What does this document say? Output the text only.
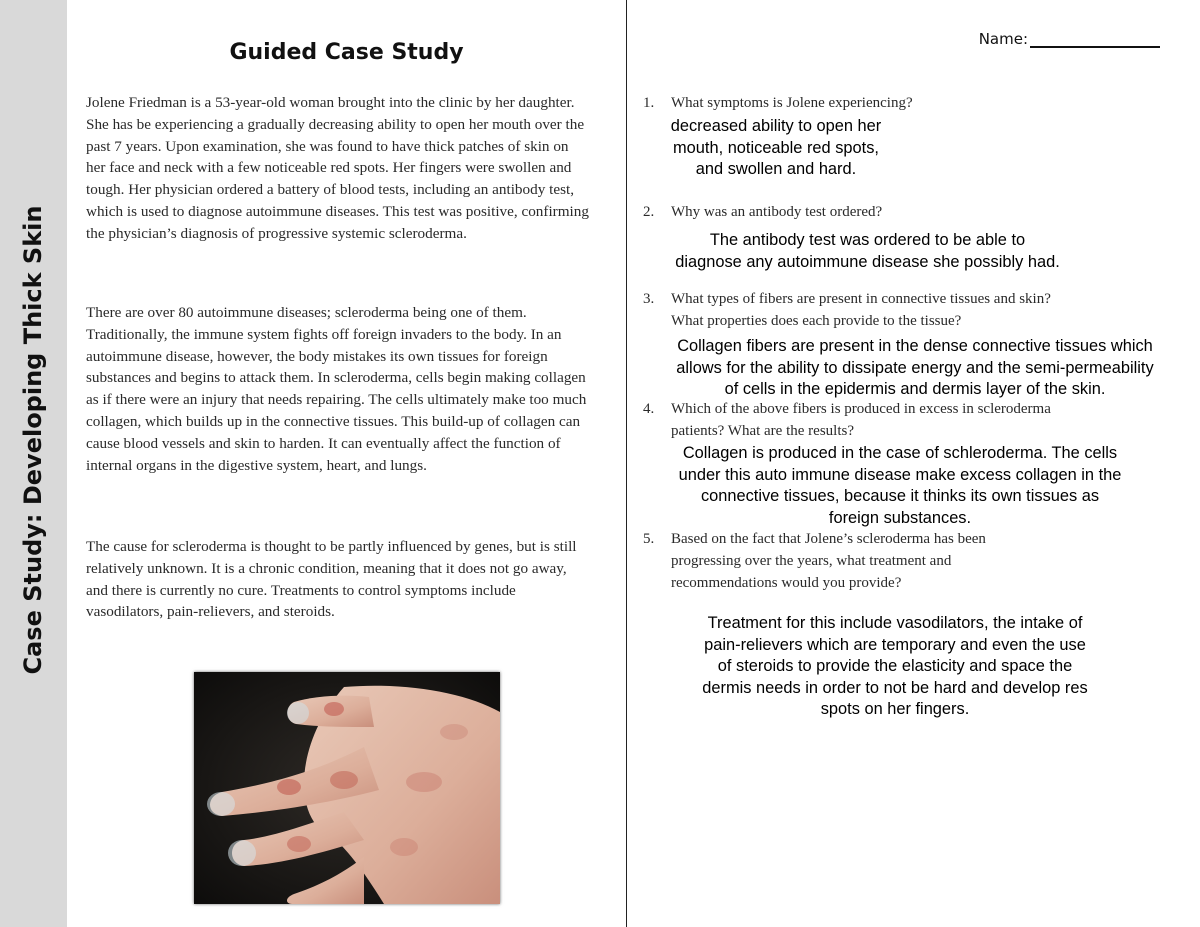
Case Study: Developing Thick Skin
Guided Case Study

Jolene Friedman is a 53-year-old woman brought into the clinic by her daughter. She has be experiencing a gradually decreasing ability to open her mouth over the past 7 years. Upon examination, she was found to have thick patches of skin on her face and neck with a few noticeable red spots. Her fingers were swollen and tough. Her physician ordered a battery of blood tests, including an antibody test, which is used to diagnose autoimmune diseases. This test was positive, confirming the physician’s diagnosis of progressive systemic scleroderma.

There are over 80 autoimmune diseases; scleroderma being one of them. Traditionally, the immune system fights off foreign invaders to the body. In an autoimmune disease, however, the body mistakes its own tissues for foreign substances and begins to attack them. In scleroderma, cells begin making collagen as if there were an injury that needs repairing. The cells ultimately make too much collagen, which builds up in the connective tissues. This build-up of collagen can cause blood vessels and skin to harden. It can eventually affect the function of internal organs in the digestive system, heart, and lungs.

The cause for scleroderma is thought to be partly influenced by genes, but is still relatively unknown. It is a chronic condition, meaning that it does not go away, and there is currently no cure. Treatments to control symptoms include vasodilators, pain-relievers, and steroids.

Name:
1. What symptoms is Jolene experiencing?
decreased ability to open her
mouth, noticeable red spots,
and swollen and hard.
2. Why was an antibody test ordered?
The antibody test was ordered to be able to
diagnose any autoimmune disease she possibly had.
3. What types of fibers are present in connective tissues and skin?
What properties does each provide to the tissue?
Collagen fibers are present in the dense connective tissues which
allows for the ability to dissipate energy and the semi-permeability
of cells in the epidermis and dermis layer of the skin.
4. Which of the above fibers is produced in excess in scleroderma
patients? What are the results?
Collagen is produced in the case of schleroderma. The cells
under this auto immune disease make excess collagen in the
connective tissues, because it thinks its own tissues as
foreign substances.
5. Based on the fact that Jolene’s scleroderma has been
progressing over the years, what treatment and
recommendations would you provide?
Treatment for this include vasodilators, the intake of
pain-relievers which are temporary and even the use
of steroids to provide the elasticity and space the
dermis needs in order to not be hard and develop res
spots on her fingers.
